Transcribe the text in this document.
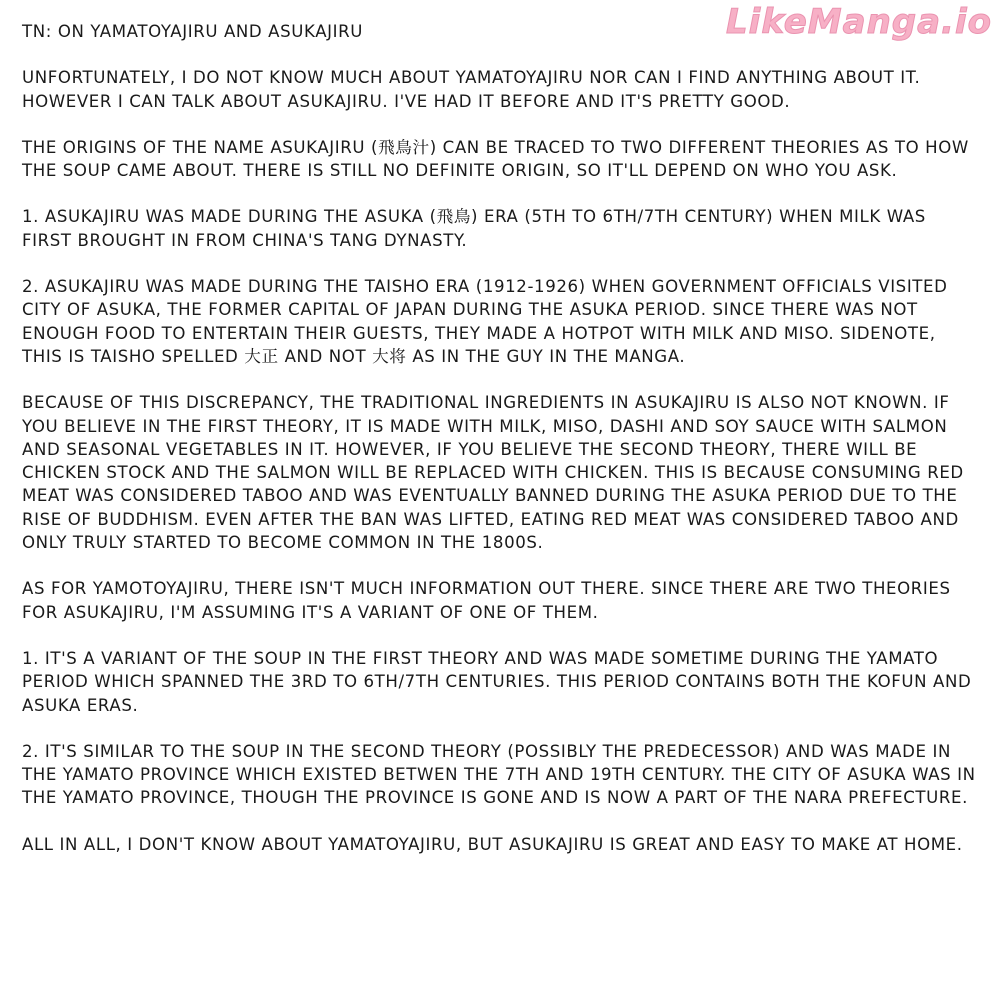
LikeManga.io
TN: ON YAMATOYAJIRU AND ASUKAJIRU

UNFORTUNATELY, I DO NOT KNOW MUCH ABOUT YAMATOYAJIRU NOR CAN I FIND ANYTHING ABOUT IT. HOWEVER I CAN TALK ABOUT ASUKAJIRU. I'VE HAD IT BEFORE AND IT'S PRETTY GOOD.

THE ORIGINS OF THE NAME ASUKAJIRU (飛鳥汁) CAN BE TRACED TO TWO DIFFERENT THEORIES AS TO HOW THE SOUP CAME ABOUT. THERE IS STILL NO DEFINITE ORIGIN, SO IT'LL DEPEND ON WHO YOU ASK.

1. ASUKAJIRU WAS MADE DURING THE ASUKA (飛鳥) ERA (5TH TO 6TH/7TH CENTURY) WHEN MILK WAS FIRST BROUGHT IN FROM CHINA'S TANG DYNASTY.

2. ASUKAJIRU WAS MADE DURING THE TAISHO ERA (1912-1926) WHEN GOVERNMENT OFFICIALS VISITED CITY OF ASUKA, THE FORMER CAPITAL OF JAPAN DURING THE ASUKA PERIOD. SINCE THERE WAS NOT ENOUGH FOOD TO ENTERTAIN THEIR GUESTS, THEY MADE A HOTPOT WITH MILK AND MISO. SIDENOTE, THIS IS TAISHO SPELLED 大正 AND NOT 大将 AS IN THE GUY IN THE MANGA.

BECAUSE OF THIS DISCREPANCY, THE TRADITIONAL INGREDIENTS IN ASUKAJIRU IS ALSO NOT KNOWN. IF YOU BELIEVE IN THE FIRST THEORY, IT IS MADE WITH MILK, MISO, DASHI AND SOY SAUCE WITH SALMON AND SEASONAL VEGETABLES IN IT. HOWEVER, IF YOU BELIEVE THE SECOND THEORY, THERE WILL BE CHICKEN STOCK AND THE SALMON WILL BE REPLACED WITH CHICKEN. THIS IS BECAUSE CONSUMING RED MEAT WAS CONSIDERED TABOO AND WAS EVENTUALLY BANNED DURING THE ASUKA PERIOD DUE TO THE RISE OF BUDDHISM. EVEN AFTER THE BAN WAS LIFTED, EATING RED MEAT WAS CONSIDERED TABOO AND ONLY TRULY STARTED TO BECOME COMMON IN THE 1800S.

AS FOR YAMOTOYAJIRU, THERE ISN'T MUCH INFORMATION OUT THERE. SINCE THERE ARE TWO THEORIES FOR ASUKAJIRU, I'M ASSUMING IT'S A VARIANT OF ONE OF THEM.

1. IT'S A VARIANT OF THE SOUP IN THE FIRST THEORY AND WAS MADE SOMETIME DURING THE YAMATO PERIOD WHICH SPANNED THE 3RD TO 6TH/7TH CENTURIES. THIS PERIOD CONTAINS BOTH THE KOFUN AND ASUKA ERAS.

2. IT'S SIMILAR TO THE SOUP IN THE SECOND THEORY (POSSIBLY THE PREDECESSOR) AND WAS MADE IN THE YAMATO PROVINCE WHICH EXISTED BETWEN THE 7TH AND 19TH CENTURY. THE CITY OF ASUKA WAS IN THE YAMATO PROVINCE, THOUGH THE PROVINCE IS GONE AND IS NOW A PART OF THE NARA PREFECTURE.

ALL IN ALL, I DON'T KNOW ABOUT YAMATOYAJIRU, BUT ASUKAJIRU IS GREAT AND EASY TO MAKE AT HOME.
